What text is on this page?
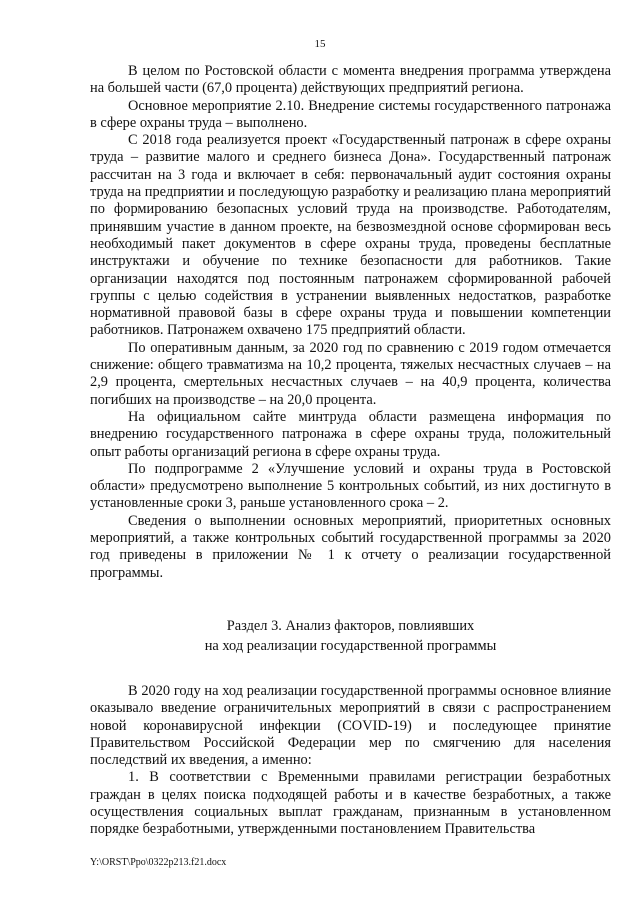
15

В целом по Ростовской области с момента внедрения программа утверждена на большей части (67,0 процента) действующих предприятий региона.

Основное мероприятие 2.10. Внедрение системы государственного патронажа в сфере охраны труда – выполнено.

С 2018 года реализуется проект «Государственный патронаж в сфере охраны труда – развитие малого и среднего бизнеса Дона». Государственный патронаж рассчитан на 3 года и включает в себя: первоначальный аудит состояния охраны труда на предприятии и последующую разработку и реализацию плана мероприятий по формированию безопасных условий труда на производстве. Работодателям, принявшим участие в данном проекте, на безвозмездной основе сформирован весь необходимый пакет документов в сфере охраны труда, проведены бесплатные инструктажи и обучение по технике безопасности для работников. Такие организации находятся под постоянным патронажем сформированной рабочей группы с целью содействия в устранении выявленных недостатков, разработке нормативной правовой базы в сфере охраны труда и повышении компетенции работников. Патронажем охвачено 175 предприятий области.

По оперативным данным, за 2020 год по сравнению с 2019 годом отмечается снижение: общего травматизма на 10,2 процента, тяжелых несчастных случаев – на 2,9 процента, смертельных несчастных случаев – на 40,9 процента, количества погибших на производстве – на 20,0 процента.

На официальном сайте минтруда области размещена информация по внедрению государственного патронажа в сфере охраны труда, положительный опыт работы организаций региона в сфере охраны труда.

По подпрограмме 2 «Улучшение условий и охраны труда в Ростовской области» предусмотрено выполнение 5 контрольных событий, из них достигнуто в установленные сроки 3, раньше установленного срока – 2.

Сведения о выполнении основных мероприятий, приоритетных основных мероприятий, а также контрольных событий государственной программы за 2020 год приведены в приложении № 1 к отчету о реализации государственной программы.

Раздел 3. Анализ факторов, повлиявших
на ход реализации государственной программы

В 2020 году на ход реализации государственной программы основное влияние оказывало введение ограничительных мероприятий в связи с распространением новой коронавирусной инфекции (COVID-19) и последующее принятие Правительством Российской Федерации мер по смягчению для населения последствий их введения, а именно:

1. В соответствии с Временными правилами регистрации безработных граждан в целях поиска подходящей работы и в качестве безработных, а также осуществления социальных выплат гражданам, признанным в установленном порядке безработными, утвержденными постановлением Правительства

Y:\ORST\Ppo\0322p213.f21.docx
